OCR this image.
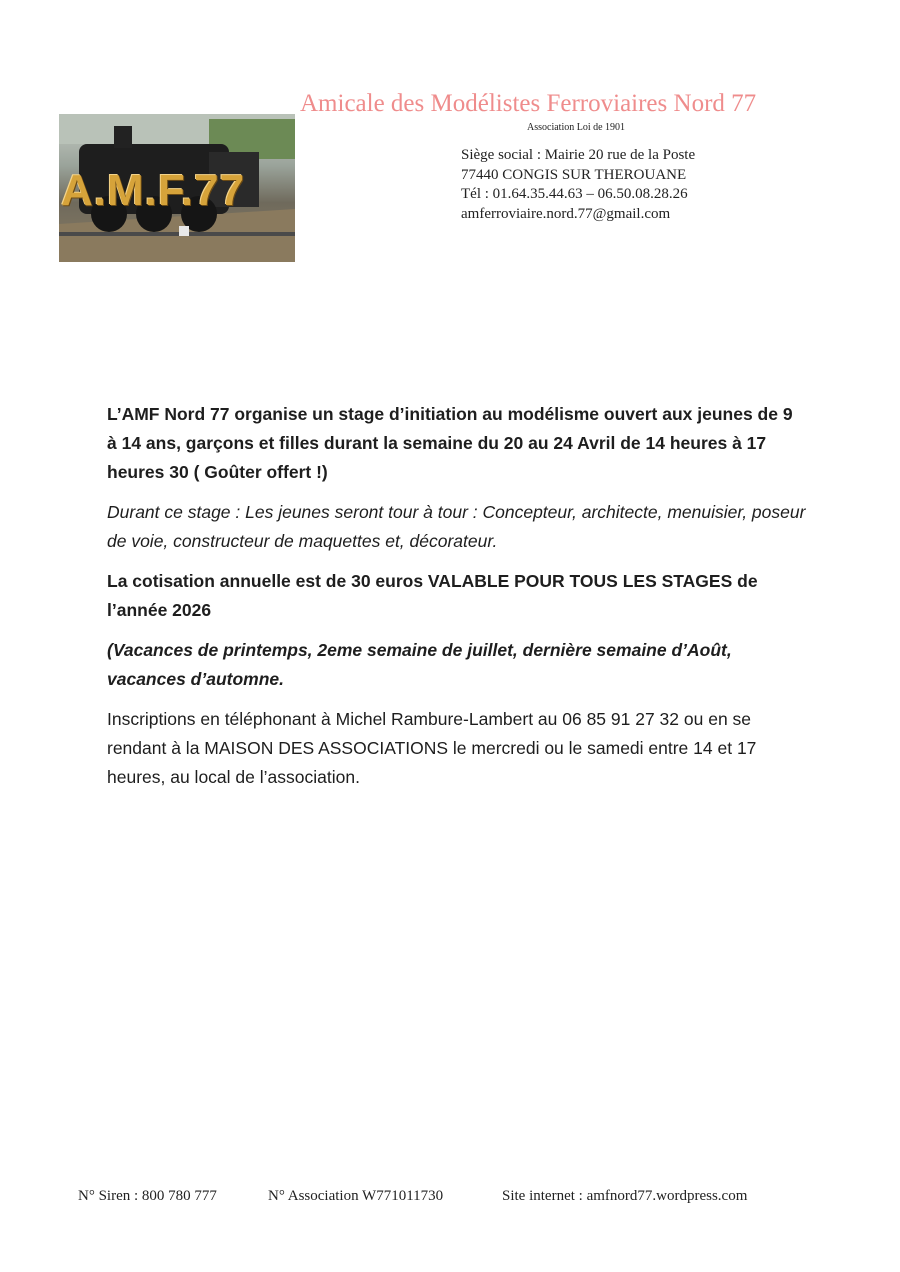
A.M.F.77
Amicale des Modélistes Ferroviaires Nord 77
Association Loi de 1901
Siège social : Mairie 20 rue de la Poste
77440 CONGIS SUR THEROUANE
Tél : 01.64.35.44.63 – 06.50.08.28.26
amferroviaire.nord.77@gmail.com

L’AMF Nord 77 organise un stage d’initiation au modélisme ouvert aux jeunes de 9 à 14 ans, garçons et filles durant la semaine du 20 au 24 Avril de 14 heures à 17 heures 30 ( Goûter offert !)

Durant ce stage : Les jeunes seront tour à tour : Concepteur, architecte, menuisier, poseur de voie, constructeur de maquettes et, décorateur.

La cotisation annuelle est de 30 euros VALABLE POUR TOUS LES STAGES de l’année 2026

(Vacances de printemps, 2eme semaine de juillet, dernière semaine d’Août, vacances d’automne.

Inscriptions en téléphonant à Michel Rambure-Lambert au 06 85 91 27 32 ou en se rendant à la MAISON DES ASSOCIATIONS le mercredi ou le samedi entre 14 et 17 heures, au local de l’association.

N° Siren : 800 780 777	N° Association W771011730	Site internet : amfnord77.wordpress.com
